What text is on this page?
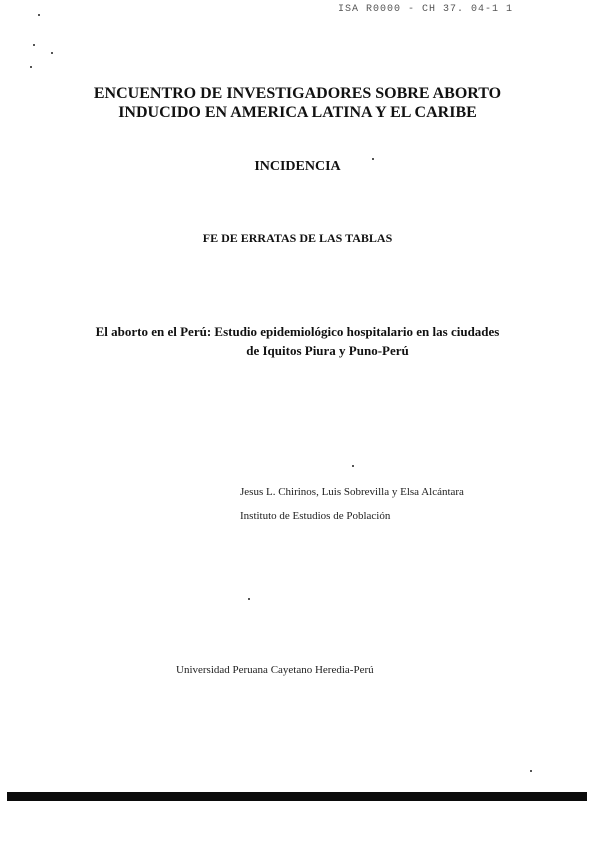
ISA R0000 - CH 37. 04-1 1
ENCUENTRO DE INVESTIGADORES SOBRE ABORTO
INDUCIDO EN AMERICA LATINA Y EL CARIBE
INCIDENCIA
FE DE ERRATAS DE LAS TABLAS
El aborto en el Perú: Estudio epidemiológico hospitalario en las ciudades
de Iquitos Piura y Puno-Perú
Jesus L. Chirinos, Luis Sobrevilla y Elsa Alcántara
Instituto de Estudios de Población
Universidad Peruana Cayetano Heredia-Perú
